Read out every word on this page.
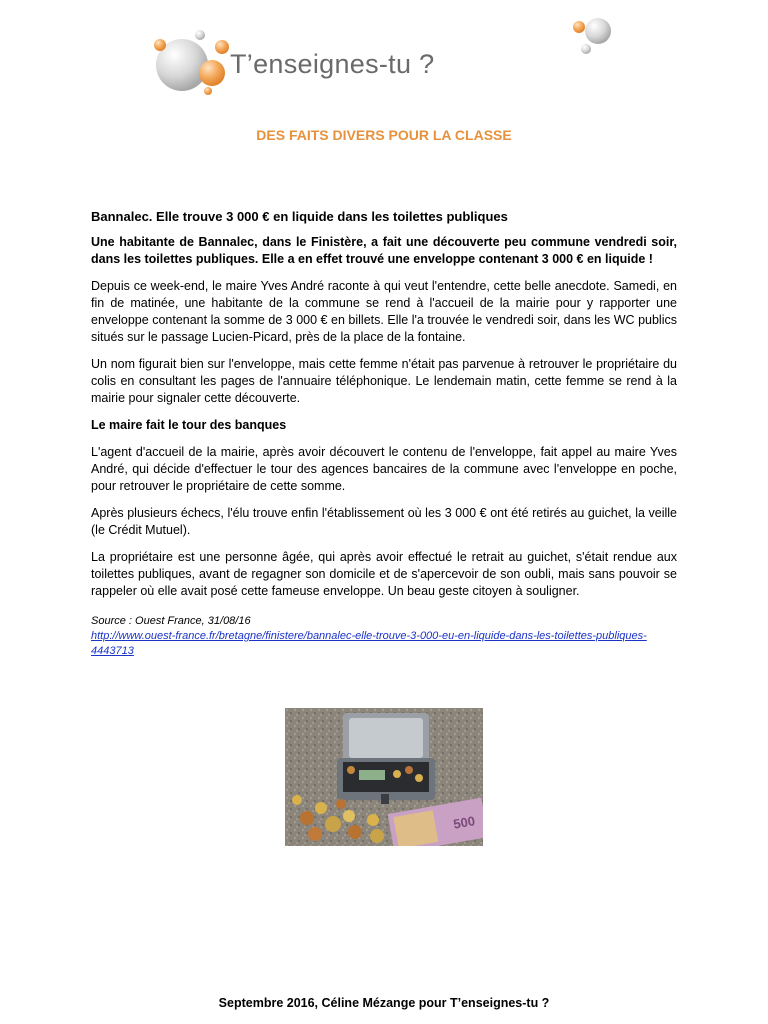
T’enseignes-tu ?
DES FAITS DIVERS POUR LA CLASSE

Bannalec. Elle trouve 3 000 € en liquide dans les toilettes publiques

Une habitante de Bannalec, dans le Finistère, a fait une découverte peu commune vendredi soir, dans les toilettes publiques. Elle a en effet trouvé une enveloppe contenant 3 000 € en liquide !

Depuis ce week-end, le maire Yves André raconte à qui veut l'entendre, cette belle anecdote. Samedi, en fin de matinée, une habitante de la commune se rend à l'accueil de la mairie pour y rapporter une enveloppe contenant la somme de 3 000 € en billets. Elle l'a trouvée le vendredi soir, dans les WC publics situés sur le passage Lucien-Picard, près de la place de la fontaine.

Un nom figurait bien sur l'enveloppe, mais cette femme n'était pas parvenue à retrouver le propriétaire du colis en consultant les pages de l'annuaire téléphonique. Le lendemain matin, cette femme se rend à la mairie pour signaler cette découverte.

Le maire fait le tour des banques

L'agent d'accueil de la mairie, après avoir découvert le contenu de l'enveloppe, fait appel au maire Yves André, qui décide d'effectuer le tour des agences bancaires de la commune avec l'enveloppe en poche, pour retrouver le propriétaire de cette somme.

Après plusieurs échecs, l'élu trouve enfin l'établissement où les 3 000 € ont été retirés au guichet, la veille (le Crédit Mutuel).

La propriétaire est une personne âgée, qui après avoir effectué le retrait au guichet, s'était rendue aux toilettes publiques, avant de regagner son domicile et de s'apercevoir de son oubli, mais sans pouvoir se rappeler où elle avait posé cette fameuse enveloppe. Un beau geste citoyen à souligner.

Source : Ouest France, 31/08/16
http://www.ouest-france.fr/bretagne/finistere/bannalec-elle-trouve-3-000-eu-en-liquide-dans-les-toilettes-publiques-4443713
500
Septembre 2016, Céline Mézange pour T’enseignes-tu ?
